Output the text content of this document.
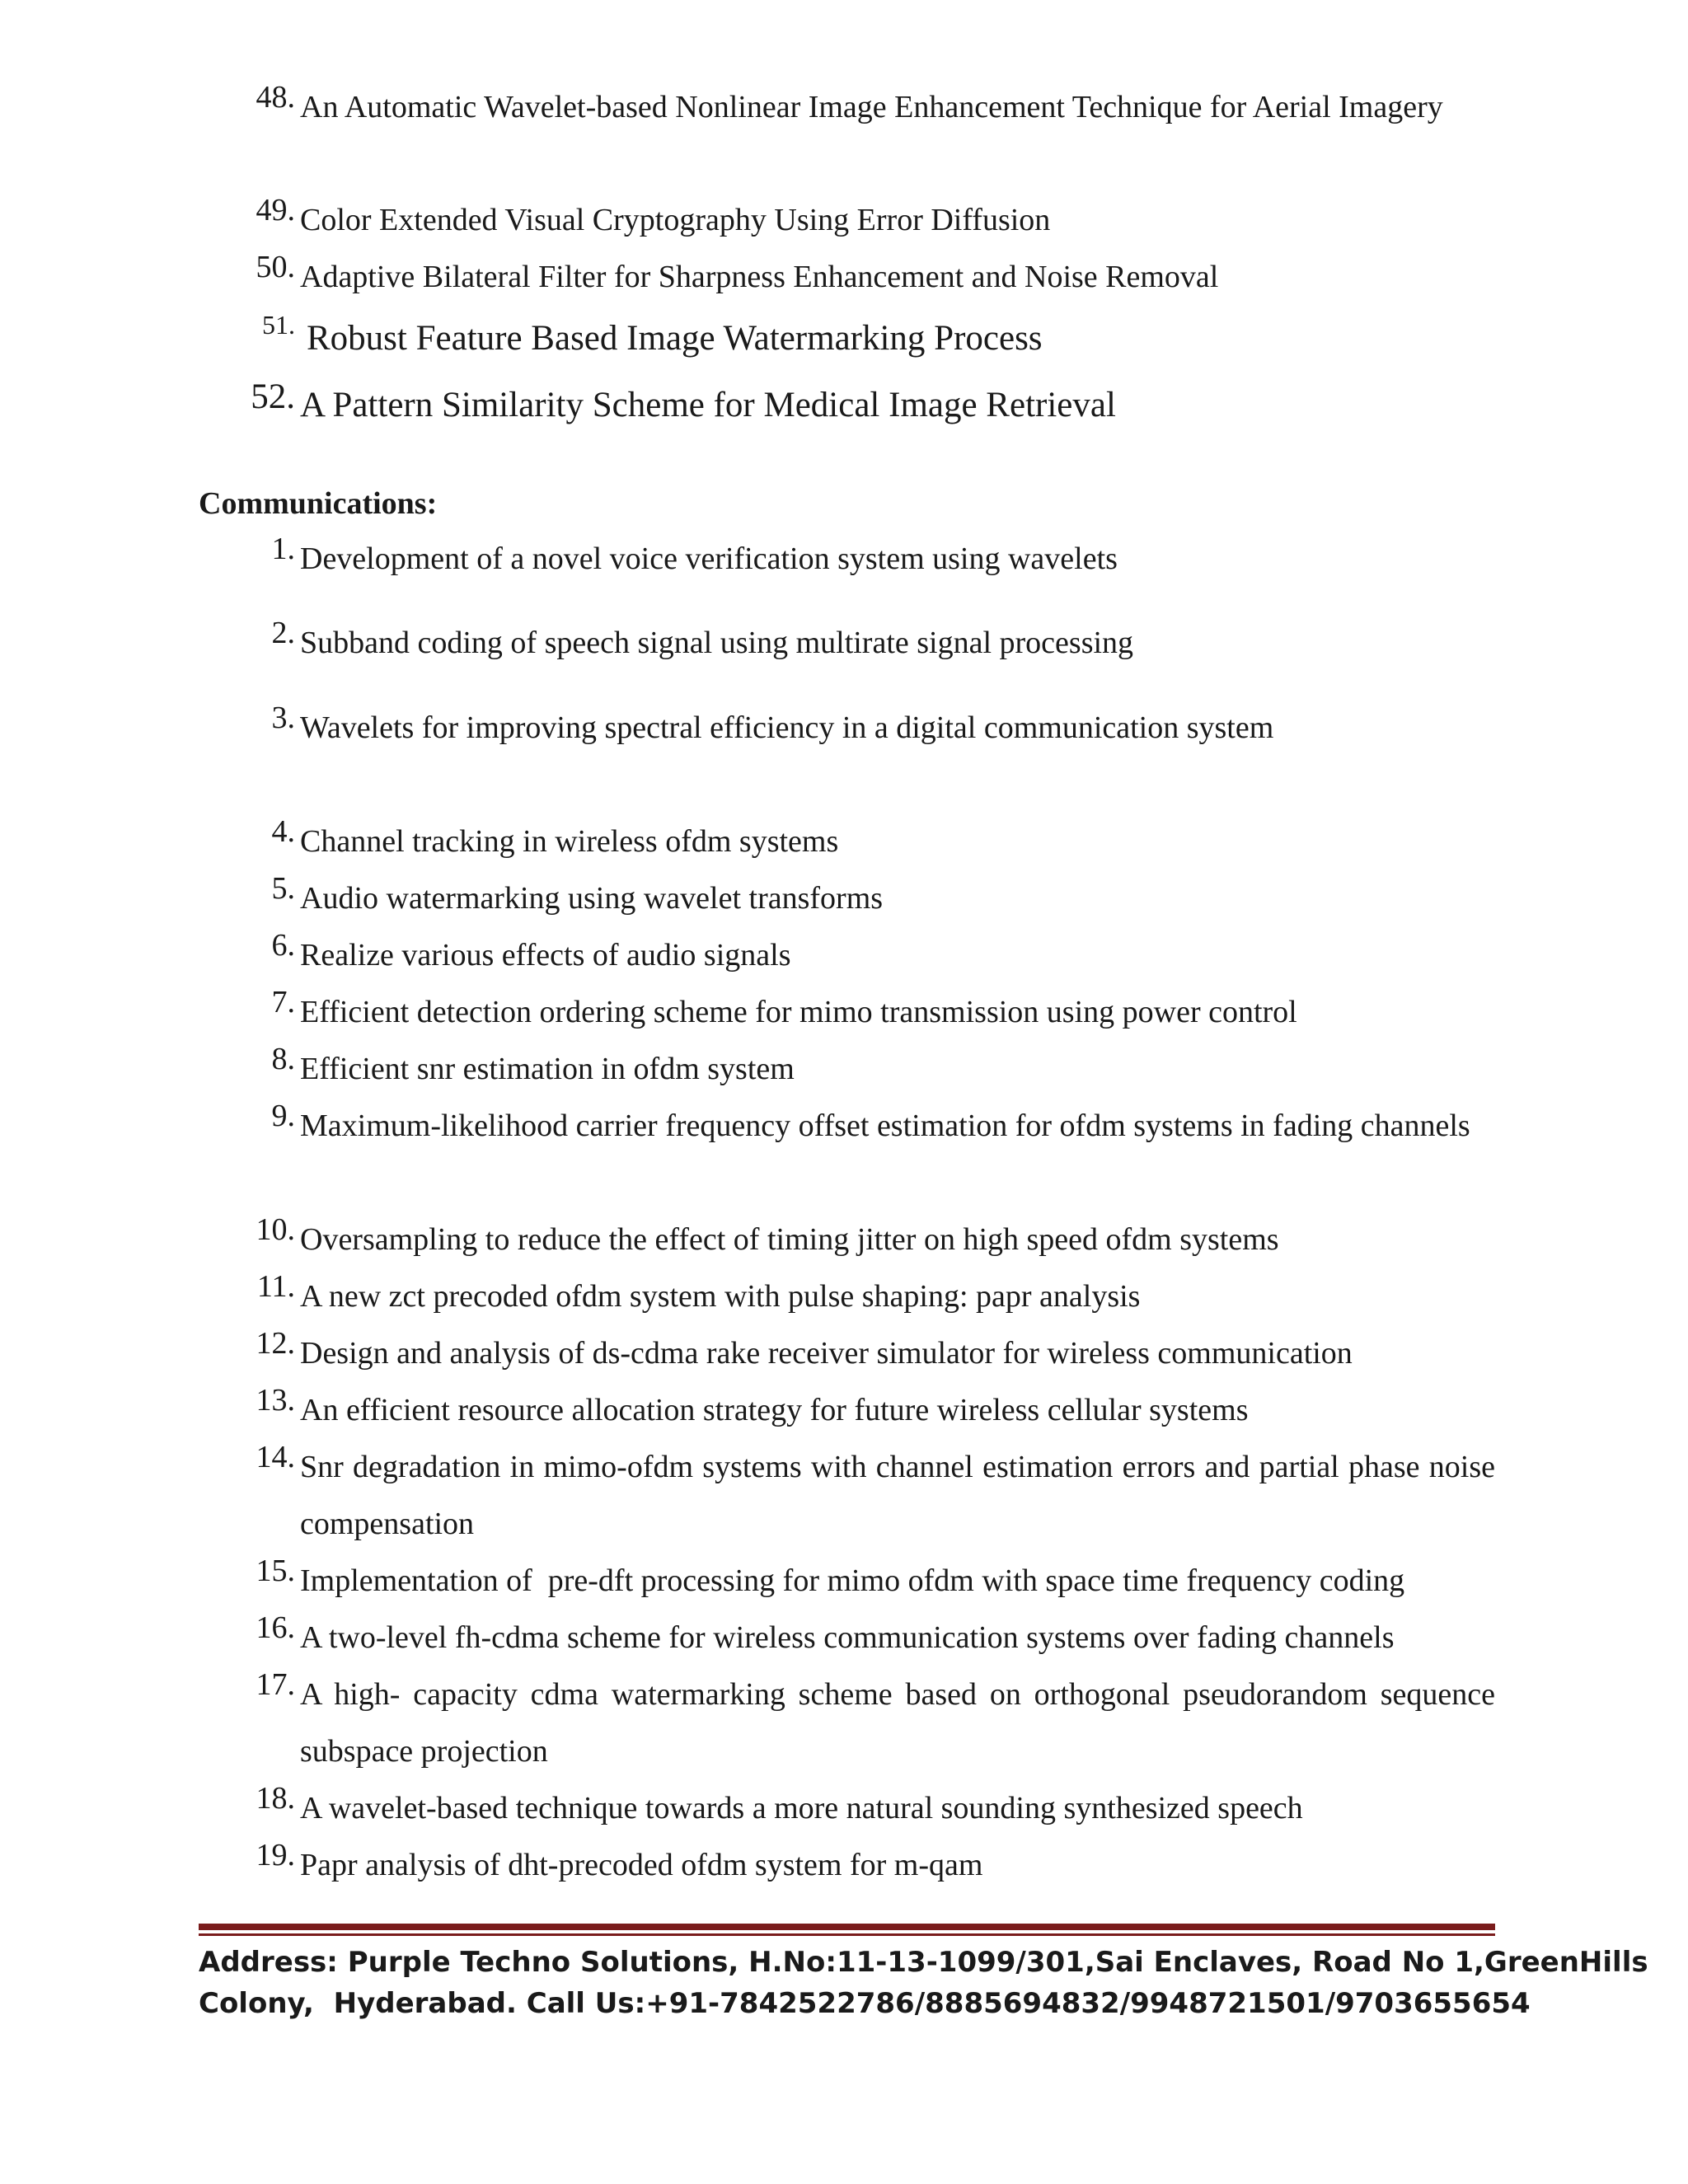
48. An Automatic Wavelet-based Nonlinear Image Enhancement Technique for Aerial Imagery
49. Color Extended Visual Cryptography Using Error Diffusion
50. Adaptive Bilateral Filter for Sharpness Enhancement and Noise Removal
51. Robust Feature Based Image Watermarking Process
52. A Pattern Similarity Scheme for Medical Image Retrieval
Communications:
1. Development of a novel voice verification system using wavelets
2. Subband coding of speech signal using multirate signal processing
3. Wavelets for improving spectral efficiency in a digital communication system
4. Channel tracking in wireless ofdm systems
5. Audio watermarking using wavelet transforms
6. Realize various effects of audio signals
7. Efficient detection ordering scheme for mimo transmission using power control
8. Efficient snr estimation in ofdm system
9. Maximum-likelihood carrier frequency offset estimation for ofdm systems in fading channels
10. Oversampling to reduce the effect of timing jitter on high speed ofdm systems
11. A new zct precoded ofdm system with pulse shaping: papr analysis
12. Design and analysis of ds-cdma rake receiver simulator for wireless communication
13. An efficient resource allocation strategy for future wireless cellular systems
14. Snr degradation in mimo-ofdm systems with channel estimation errors and partial phase noise compensation
15. Implementation of  pre-dft processing for mimo ofdm with space time frequency coding
16. A two-level fh-cdma scheme for wireless communication systems over fading channels
17. A high- capacity cdma watermarking scheme based on orthogonal pseudorandom sequence subspace projection
18. A wavelet-based technique towards a more natural sounding synthesized speech
19. Papr analysis of dht-precoded ofdm system for m-qam
Address: Purple Techno Solutions, H.No:11-13-1099/301,Sai Enclaves, Road No 1,GreenHills
Colony,  Hyderabad. Call Us:+91-7842522786/8885694832/9948721501/9703655654
